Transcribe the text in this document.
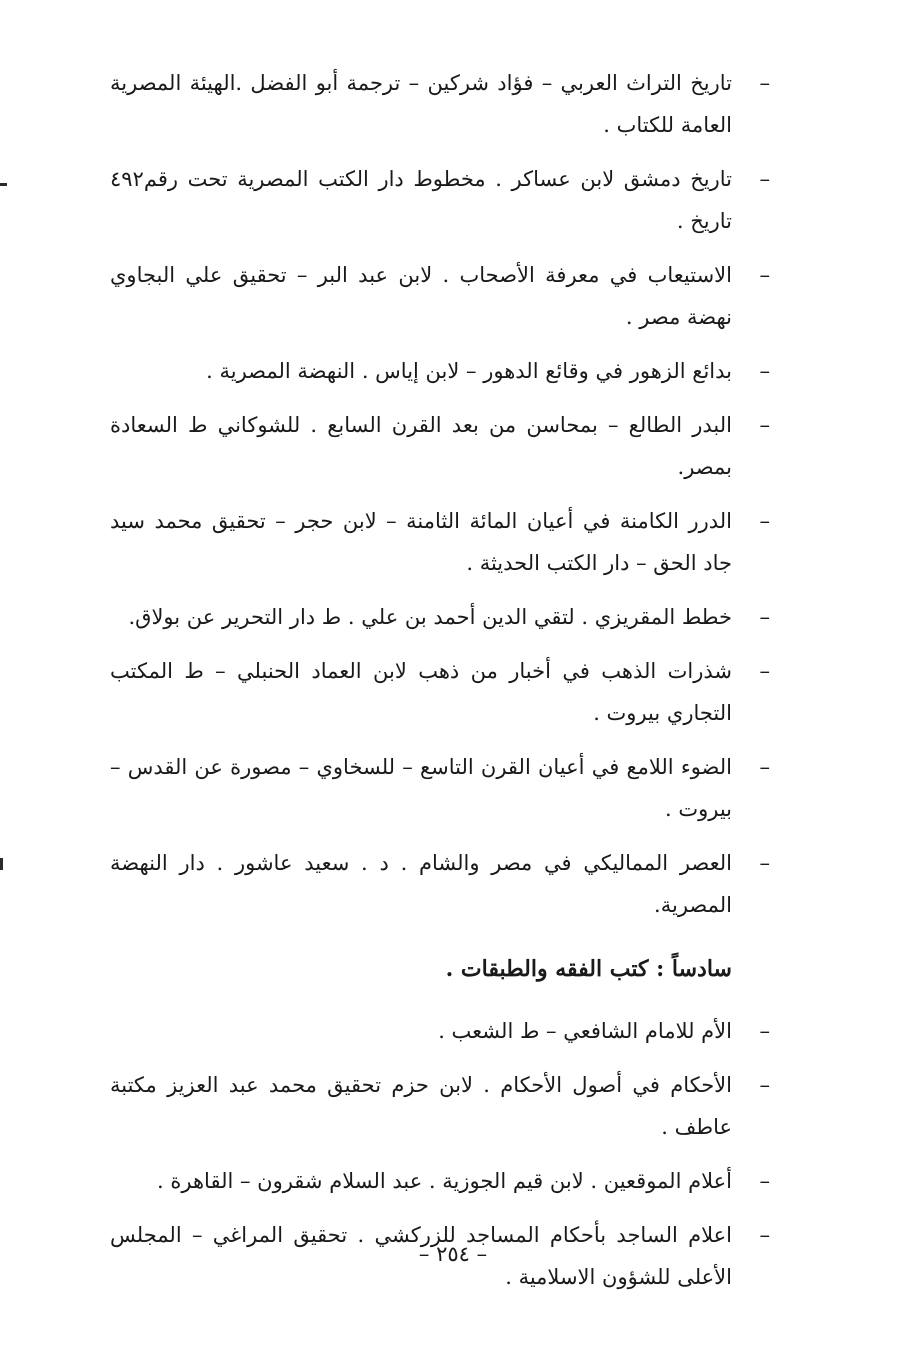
–
تاريخ التراث العربي – فؤاد شركين – ترجمة أبو الفضل .الهيئة المصرية العامة للكتاب .
–
تاريخ دمشق لابن عساكر . مخطوط دار الكتب المصرية تحت رقم٤٩٢ تاريخ .
–
الاستيعاب في معرفة الأصحاب . لابن عبد البر – تحقيق علي البجاوي نهضة مصر .
–
بدائع الزهور في وقائع الدهور – لابن إياس . النهضة المصرية .
–
البدر الطالع – بمحاسن من بعد القرن السابع . للشوكاني ط السعادة بمصر.
–
الدرر الكامنة في أعيان المائة الثامنة – لابن حجر – تحقيق محمد سيد جاد الحق – دار الكتب الحديثة .
–
خطط المقريزي . لتقي الدين أحمد بن علي . ط دار التحرير عن بولاق.
–
شذرات الذهب في أخبار من ذهب لابن العماد الحنبلي – ط المكتب التجاري بيروت .
–
الضوء اللامع في أعيان القرن التاسع – للسخاوي – مصورة عن القدس – بيروت .
–
العصر المماليكي في مصر والشام . د . سعيد عاشور . دار النهضة المصرية.
سادساً : كتب الفقه والطبقات .
–
الأم للامام الشافعي – ط الشعب .
–
الأحكام في أصول الأحكام . لابن حزم تحقيق محمد عبد العزيز مكتبة عاطف .
–
أعلام الموقعين . لابن قيم الجوزية . عبد السلام شقرون – القاهرة .
–
اعلام الساجد بأحكام المساجد للزركشي . تحقيق المراغي – المجلس الأعلى للشؤون الاسلامية .
– ٢٥٤ –
